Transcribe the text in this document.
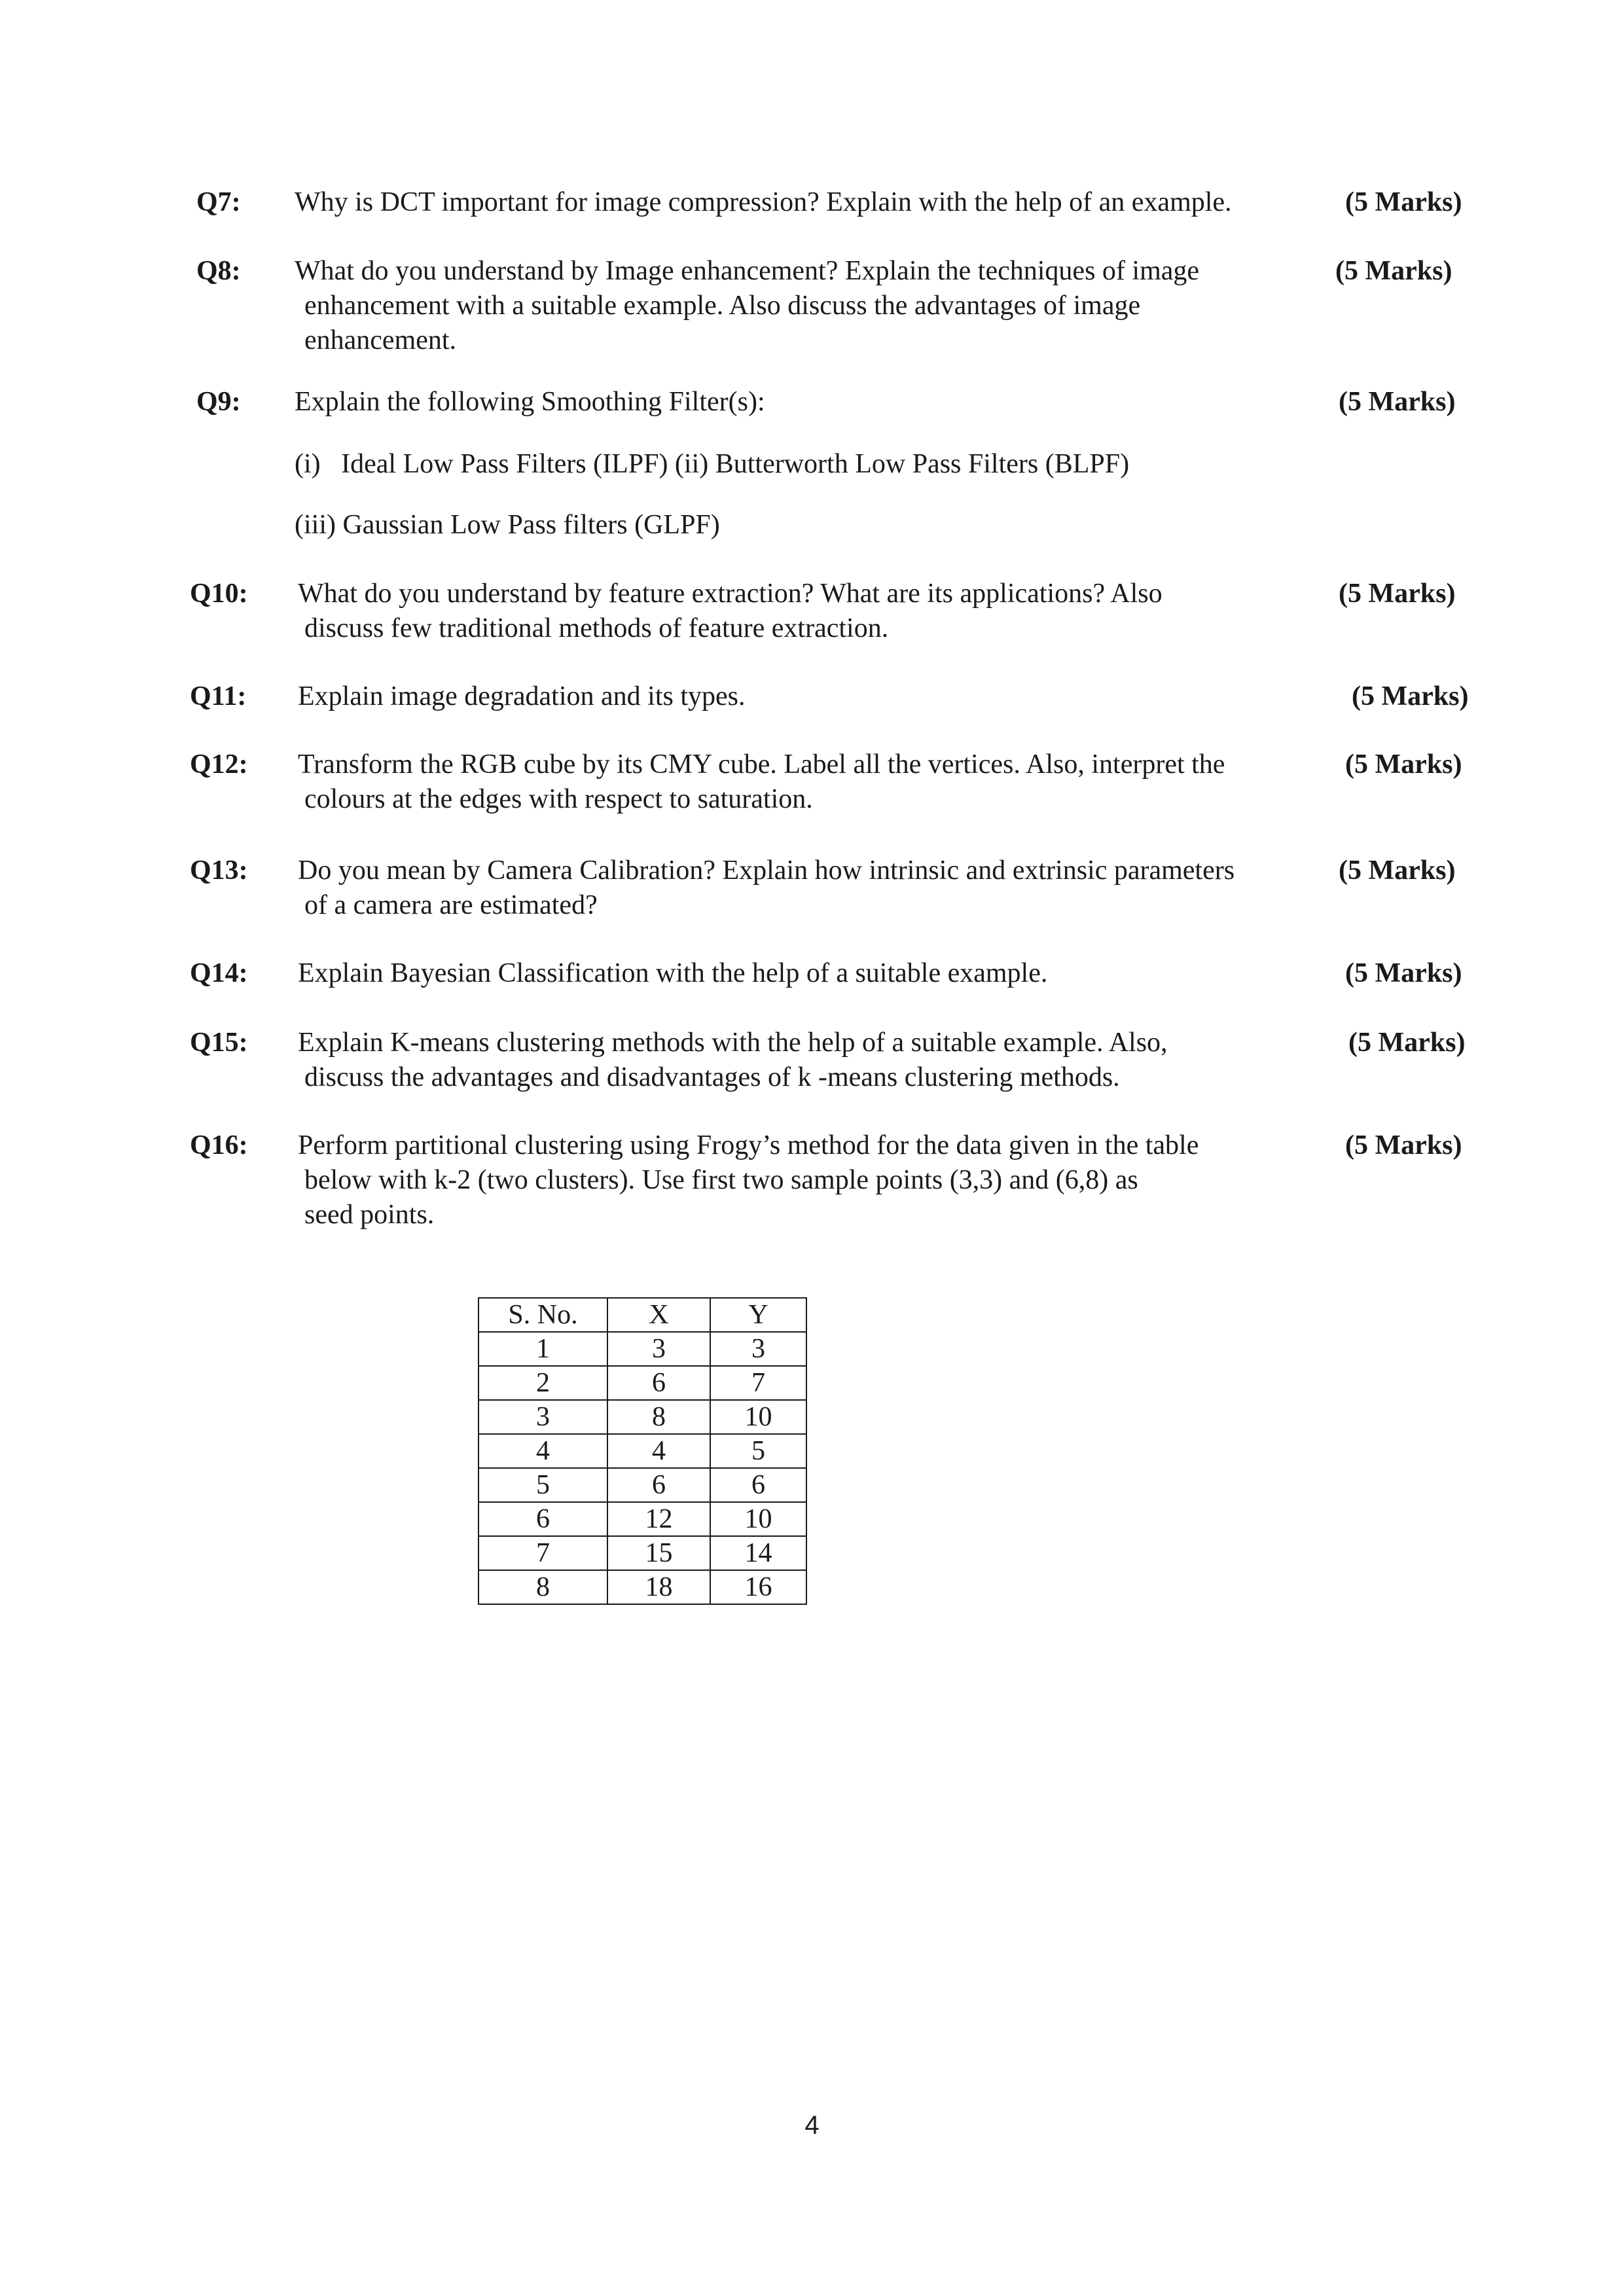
Q7: Why is DCT important for image compression? Explain with the help of an example.	(5 Marks)
Q8: What do you understand by Image enhancement? Explain the techniques of image
enhancement with a suitable example. Also discuss the advantages of image
enhancement.
(5 Marks)
Q9: Explain the following Smoothing Filter(s):
(i)   Ideal Low Pass Filters (ILPF) (ii) Butterworth Low Pass Filters (BLPF)
(iii) Gaussian Low Pass filters (GLPF)
(5 Marks)
Q10: What do you understand by feature extraction? What are its applications? Also
discuss few traditional methods of feature extraction.
(5 Marks)
Q11: Explain image degradation and its types.	(5 Marks)
Q12: Transform the RGB cube by its CMY cube. Label all the vertices. Also, interpret the
colours at the edges with respect to saturation.
(5 Marks)
Q13: Do you mean by Camera Calibration? Explain how intrinsic and extrinsic parameters
of a camera are estimated?
(5 Marks)
Q14: Explain Bayesian Classification with the help of a suitable example.	(5 Marks)
Q15: Explain K-means clustering methods with the help of a suitable example. Also,
discuss the advantages and disadvantages of k -means clustering methods.
(5 Marks)
Q16: Perform partitional clustering using Frogy’s method for the data given in the table
below with k-2 (two clusters). Use first two sample points (3,3) and (6,8) as
seed points.
(5 Marks)
S. No.	X	Y
1	3	3
2	6	7
3	8	10
4	4	5
5	6	6
6	12	10
7	15	14
8	18	16
4
